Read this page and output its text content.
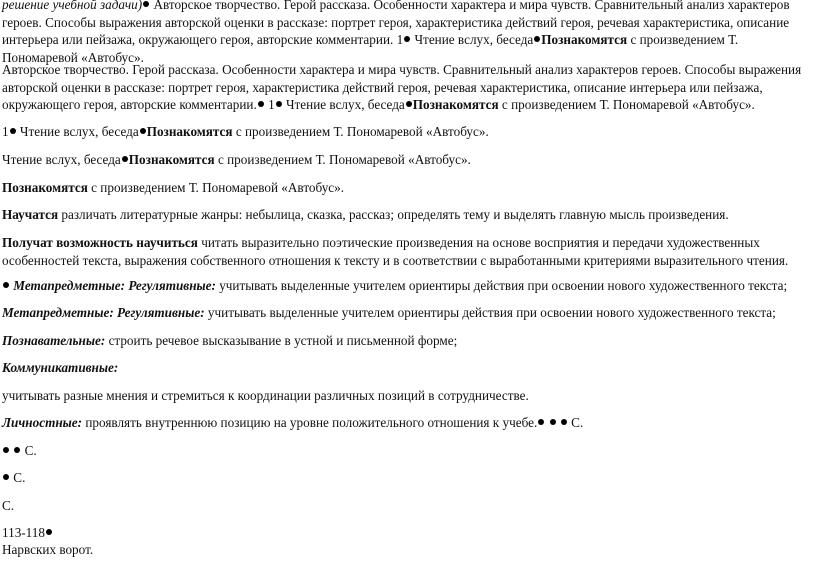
решение учебной задачи) Авторское творчество. Герой рассказа. Особенности характера и мира чувств. Сравнительный анализ характеров героев. Способы выражения авторской оценки в рассказе: портрет героя, характеристика действий героя, речевая характеристика, описание интерьера или пейзажа, окружающего героя, авторские комментарии. 1 Чтение вслух, беседа Познакомятся с произведением Т. Пономаревой «Автобус».

Авторское творчество. Герой рассказа. Особенности характера и мира чувств. Сравнительный анализ характеров героев. Способы выражения авторской оценки в рассказе: портрет героя, характеристика действий героя, речевая характеристика, описание интерьера или пейзажа, окружающего героя, авторские комментарии. 1 Чтение вслух, беседа Познакомятся с произведением Т. Пономаревой «Автобус».

1 Чтение вслух, беседа Познакомятся с произведением Т. Пономаревой «Автобус».

Чтение вслух, беседа Познакомятся с произведением Т. Пономаревой «Автобус».

Познакомятся с произведением Т. Пономаревой «Автобус».

Научатся различать литературные жанры: небылица, сказка, рассказ; определять тему и выделять главную мысль произведения.

Получат возможность научиться читать выразительно поэтические произведения на основе восприятия и передачи художественных особенностей текста, выражения собственного отношения к тексту и в соответствии с выработанными критериями выразительного чтения.

Метапредметные: Регулятивные: учитывать выделенные учителем ориентиры действия при освоении нового художественного текста;

Метапредметные: Регулятивные: учитывать выделенные учителем ориентиры действия при освоении нового художественного текста;

Познавательные: строить речевое высказывание в устной и письменной форме;

Коммуникативные:

учитывать разные мнения и стремиться к координации различных позиций в сотрудничестве.

Личностные: проявлять внутреннюю позицию на уровне положительного отношения к учебе.   С.

С.

С.

С.

113-118

Нарвских ворот.
